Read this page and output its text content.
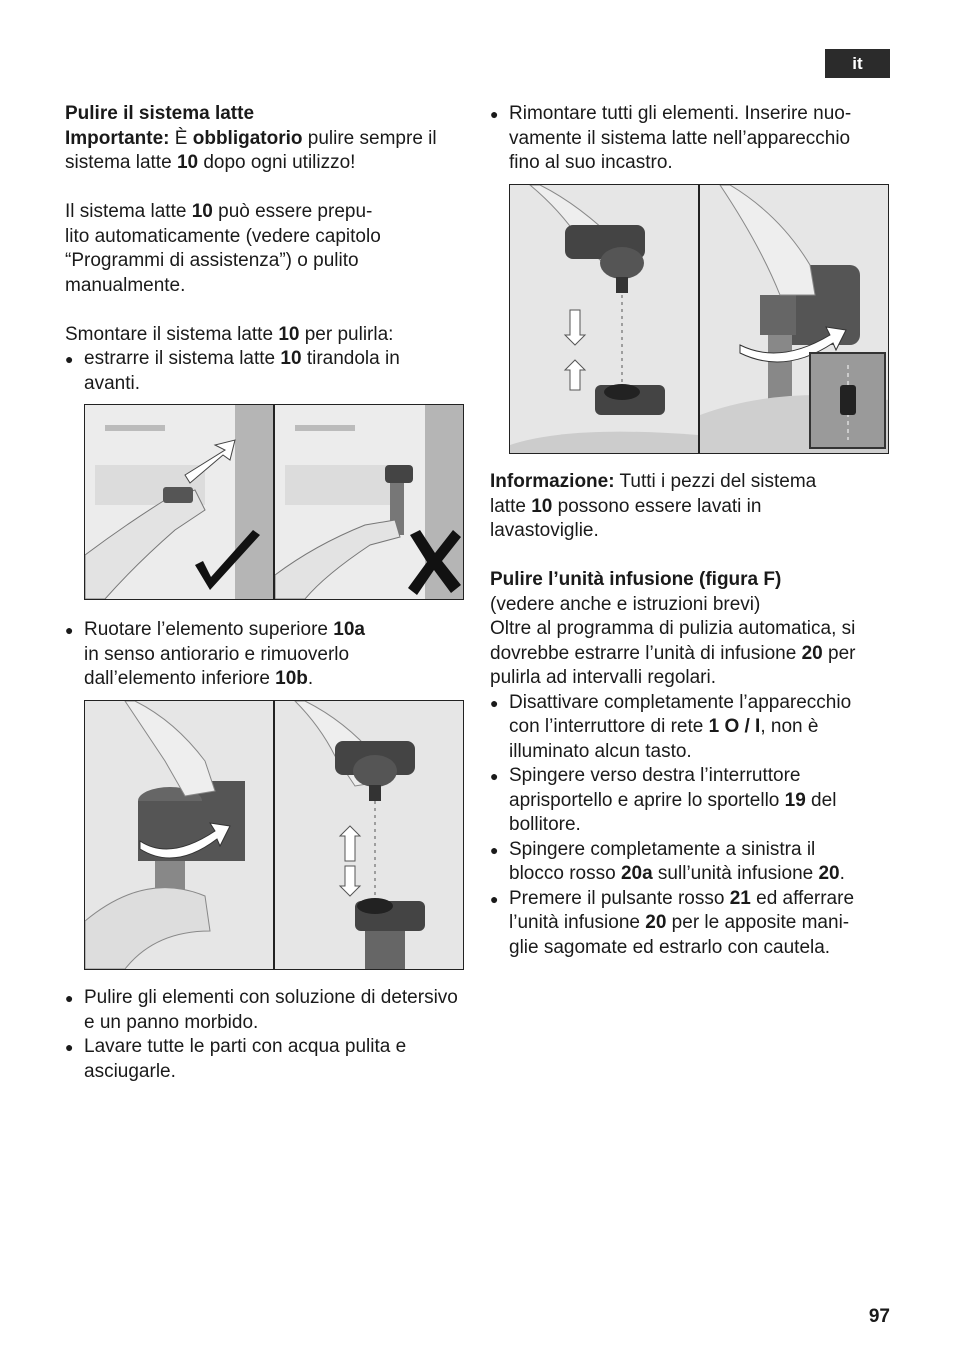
it

Pulire il sistema latte

Importante: È obbligatorio pulire sempre il sistema latte 10 dopo ogni utilizzo!

Il sistema latte 10 può essere prepu-
lito automaticamente (vedere capitolo
“Programmi di assistenza”) o pulito
manualmente.

Smontare il sistema latte 10 per pulirla:

● estrarre il sistema latte 10 tirandola in avanti.
● Ruotare l’elemento superiore 10a
in senso antiorario e rimuoverlo
dall’elemento inferiore 10b.
● Pulire gli elementi con soluzione di detersivo e un panno morbido.
● Lavare tutte le parti con acqua pulita e asciugarle.
● Rimontare tutti gli elementi. Inserire nuo-
vamente il sistema latte nell’apparecchio
fino al suo incastro.

Informazione: Tutti i pezzi del sistema
latte 10 possono essere lavati in
lavastoviglie.

Pulire l’unità infusione (figura F)

(vedere anche e istruzioni brevi)

Oltre al programma di pulizia automatica, si
dovrebbe estrarre l’unità di infusione 20 per
pulirla ad intervalli regolari.

● Disattivare completamente l’apparecchio
con l’interruttore di rete 1 O / I, non è
illuminato alcun tasto.
● Spingere verso destra l’interruttore
aprisportello e aprire lo sportello 19 del
bollitore.
● Spingere completamente a sinistra il
blocco rosso 20a sull’unità infusione 20.
● Premere il pulsante rosso 21 ed afferrare
l’unità infusione 20 per le apposite mani-
glie sagomate ed estrarlo con cautela.
97
